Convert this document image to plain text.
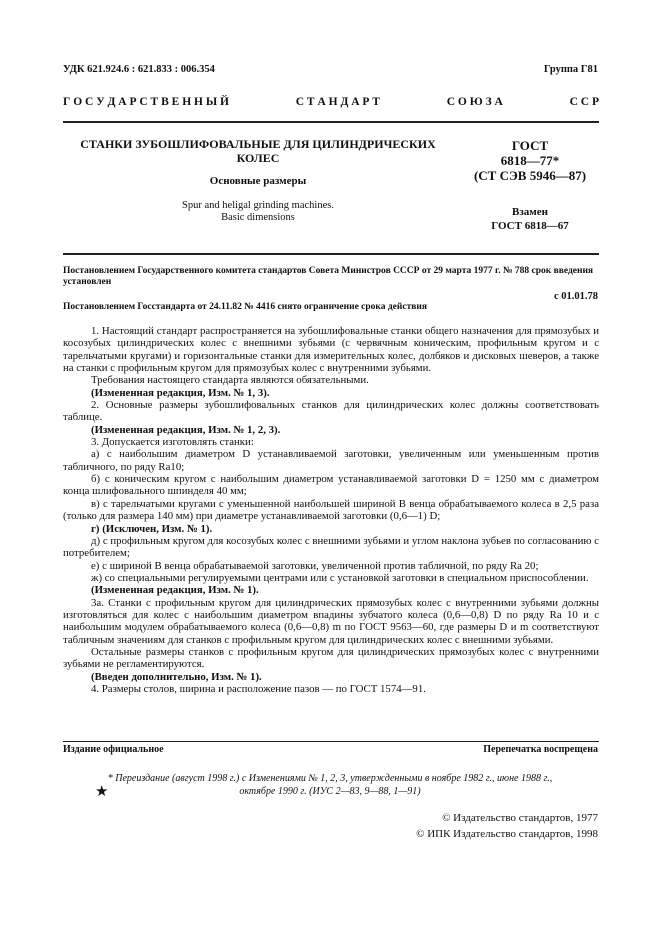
УДК 621.924.6 : 621.833 : 006.354	Группа Г81
Г О С У Д А Р С Т В Е Н Н Ы Й	С Т А Н Д А Р Т	С О Ю З А	С С Р
СТАНКИ ЗУБОШЛИФОВАЛЬНЫЕ ДЛЯ ЦИЛИНДРИЧЕСКИХ
КОЛЕС
Основные размеры
Spur and heligal grinding machines.
Basic dimensions
ГОСТ
6818—77*
(СТ СЭВ 5946—87)
Взамен
ГОСТ 6818—67
Постановлением Государственного комитета стандартов Совета Министров СССР от 29 марта 1977 г. № 788 срок введения установлен
с 01.01.78
Постановлением Госстандарта от 24.11.82 № 4416 снято ограничение срока действия

1. Настоящий стандарт распространяется на зубошлифовальные станки общего назначения для прямозубых и косозубых цилиндрических колес с внешними зубьями (с червячным коническим, профильным кругом и с тарельчатыми кругами) и горизонтальные станки для измерительных колес, долбяков и дисковых шеверов, а также на станки с профильным кругом для прямозубых колес с внутренними зубьями.

Требования настоящего стандарта являются обязательными.

(Измененная редакция, Изм. № 1, 3).

2. Основные размеры зубошлифовальных станков для цилиндрических колес должны соответствовать таблице.

(Измененная редакция, Изм. № 1, 2, 3).

3. Допускается изготовлять станки:

а) с наибольшим диаметром D устанавливаемой заготовки, увеличенным или уменьшенным против табличного, по ряду Ra10;

б) с коническим кругом с наибольшим диаметром устанавливаемой заготовки D = 1250 мм с диаметром конца шлифовального шпинделя 40 мм;

в) с тарельчатыми кругами с уменьшенной наибольшей шириной B венца обрабатываемого колеса в 2,5 раза (только для размера 140 мм) при диаметре устанавливаемой заготовки (0,6—1) D;

г) (Исключен, Изм. № 1).

д) с профильным кругом для косозубых колес с внешними зубьями и углом наклона зубьев по согласованию с потребителем;

е) с шириной B венца обрабатываемой заготовки, увеличенной против табличной, по ряду Ra 20;

ж) со специальными регулируемыми центрами или с установкой заготовки в специальном приспособлении.

(Измененная редакция, Изм. № 1).

3а. Станки с профильным кругом для цилиндрических прямозубых колес с внутренними зубьями должны изготовляться для колес с наибольшим диаметром впадины зубчатого колеса (0,6—0,8) D по ряду Ra 10 и с наибольшим модулем обрабатываемого колеса (0,6—0,8) m по ГОСТ 9563—60, где размеры D и m соответствуют табличным значениям для станков с профильным кругом для цилиндрических колес с внешними зубьями.

Остальные размеры станков с профильным кругом для цилиндрических прямозубых колес с внутренними зубьями не регламентируются.

(Введен дополнительно, Изм. № 1).

4. Размеры столов, ширина и расположение пазов — по ГОСТ 1574—91.

Издание официальное	Перепечатка воспрещена
* Переиздание (август 1998 г.) с Изменениями № 1, 2, 3, утвержденными в ноябре 1982 г., июне 1988 г.,
октябре 1990 г. (ИУС 2—83, 9—88, 1—91)
★
© Издательство стандартов, 1977
© ИПК Издательство стандартов, 1998
